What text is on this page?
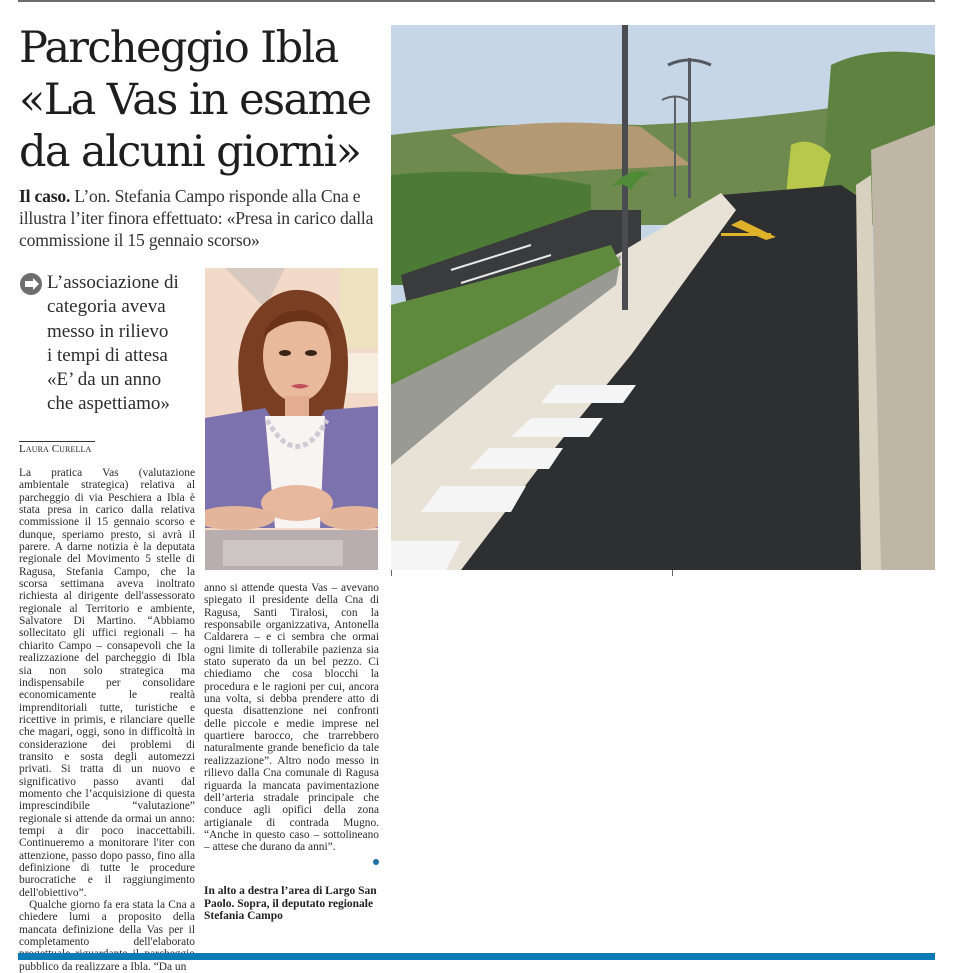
Parcheggio Ibla
«La Vas in esame
da alcuni giorni»
Il caso. L’on. Stefania Campo risponde alla Cna e illustra l’iter finora effettuato: «Presa in carico dalla commissione il 15 gennaio scorso»
L’associazione di
categoria aveva
messo in rilievo
i tempi di attesa
«E’ da un anno
che aspettiamo»
Laura Curella

La pratica Vas (valutazione ambientale strategica) relativa al parcheggio di via Peschiera a Ibla è stata presa in carico dalla relativa commissione il 15 gennaio scorso e dunque, speriamo presto, si avrà il parere. A darne notizia è la deputata regionale del Movimento 5 stelle di Ragusa, Stefania Campo, che la scorsa settimana aveva inoltrato richiesta al dirigente dell'assessorato regionale al Territorio e ambiente, Salvatore Di Martino. “Abbiamo sollecitato gli uffici regionali – ha chiarito Campo – consapevoli che la realizzazione del parcheggio di Ibla sia non solo strategica ma indispensabile per consolidare economicamente le realtà imprenditoriali tutte, turistiche e ricettive in primis, e rilanciare quelle che magari, oggi, sono in difficoltà in considerazione dei problemi di transito e sosta degli automezzi privati. Si tratta di un nuovo e significativo passo avanti dal momento che l’acquisizione di questa imprescindibile “valutazione” regionale si attende da ormai un anno: tempi a dir poco inaccettabili. Continueremo a monitorare l'iter con attenzione, passo dopo passo, fino alla definizione di tutte le procedure burocratiche e il raggiungimento dell'obiettivo”.

Qualche giorno fa era stata la Cna a chiedere lumi a proposito della mancata definizione della Vas per il completamento dell'elaborato pubblico da realizzare a Ibla. “Da un

anno si attende questa Vas – avevano spiegato il presidente della Cna di Ragusa, Santi Tiralosi, con la responsabile organizzativa, Antonella Caldarera – e ci sembra che ormai ogni limite di tollerabile pazienza sia stato superato da un bel pezzo. Ci chiediamo che cosa blocchi la procedura e le ragioni per cui, ancora una volta, si debba prendere atto di questa disattenzione nei confronti delle piccole e medie imprese nel quartiere barocco, che trarrebbero naturalmente grande beneficio da tale realizzazione”. Altro nodo messo in rilievo dalla Cna comunale di Ragusa riguarda la mancata pavimentazione dell’arteria stradale principale che conduce agli opifici della zona artigianale di contrada Mugno. “Anche in questo caso – sottolineano – attese che durano da anni”.

In alto a destra l’area di Largo San Paolo. Sopra, il deputato regionale Stefania Campo
